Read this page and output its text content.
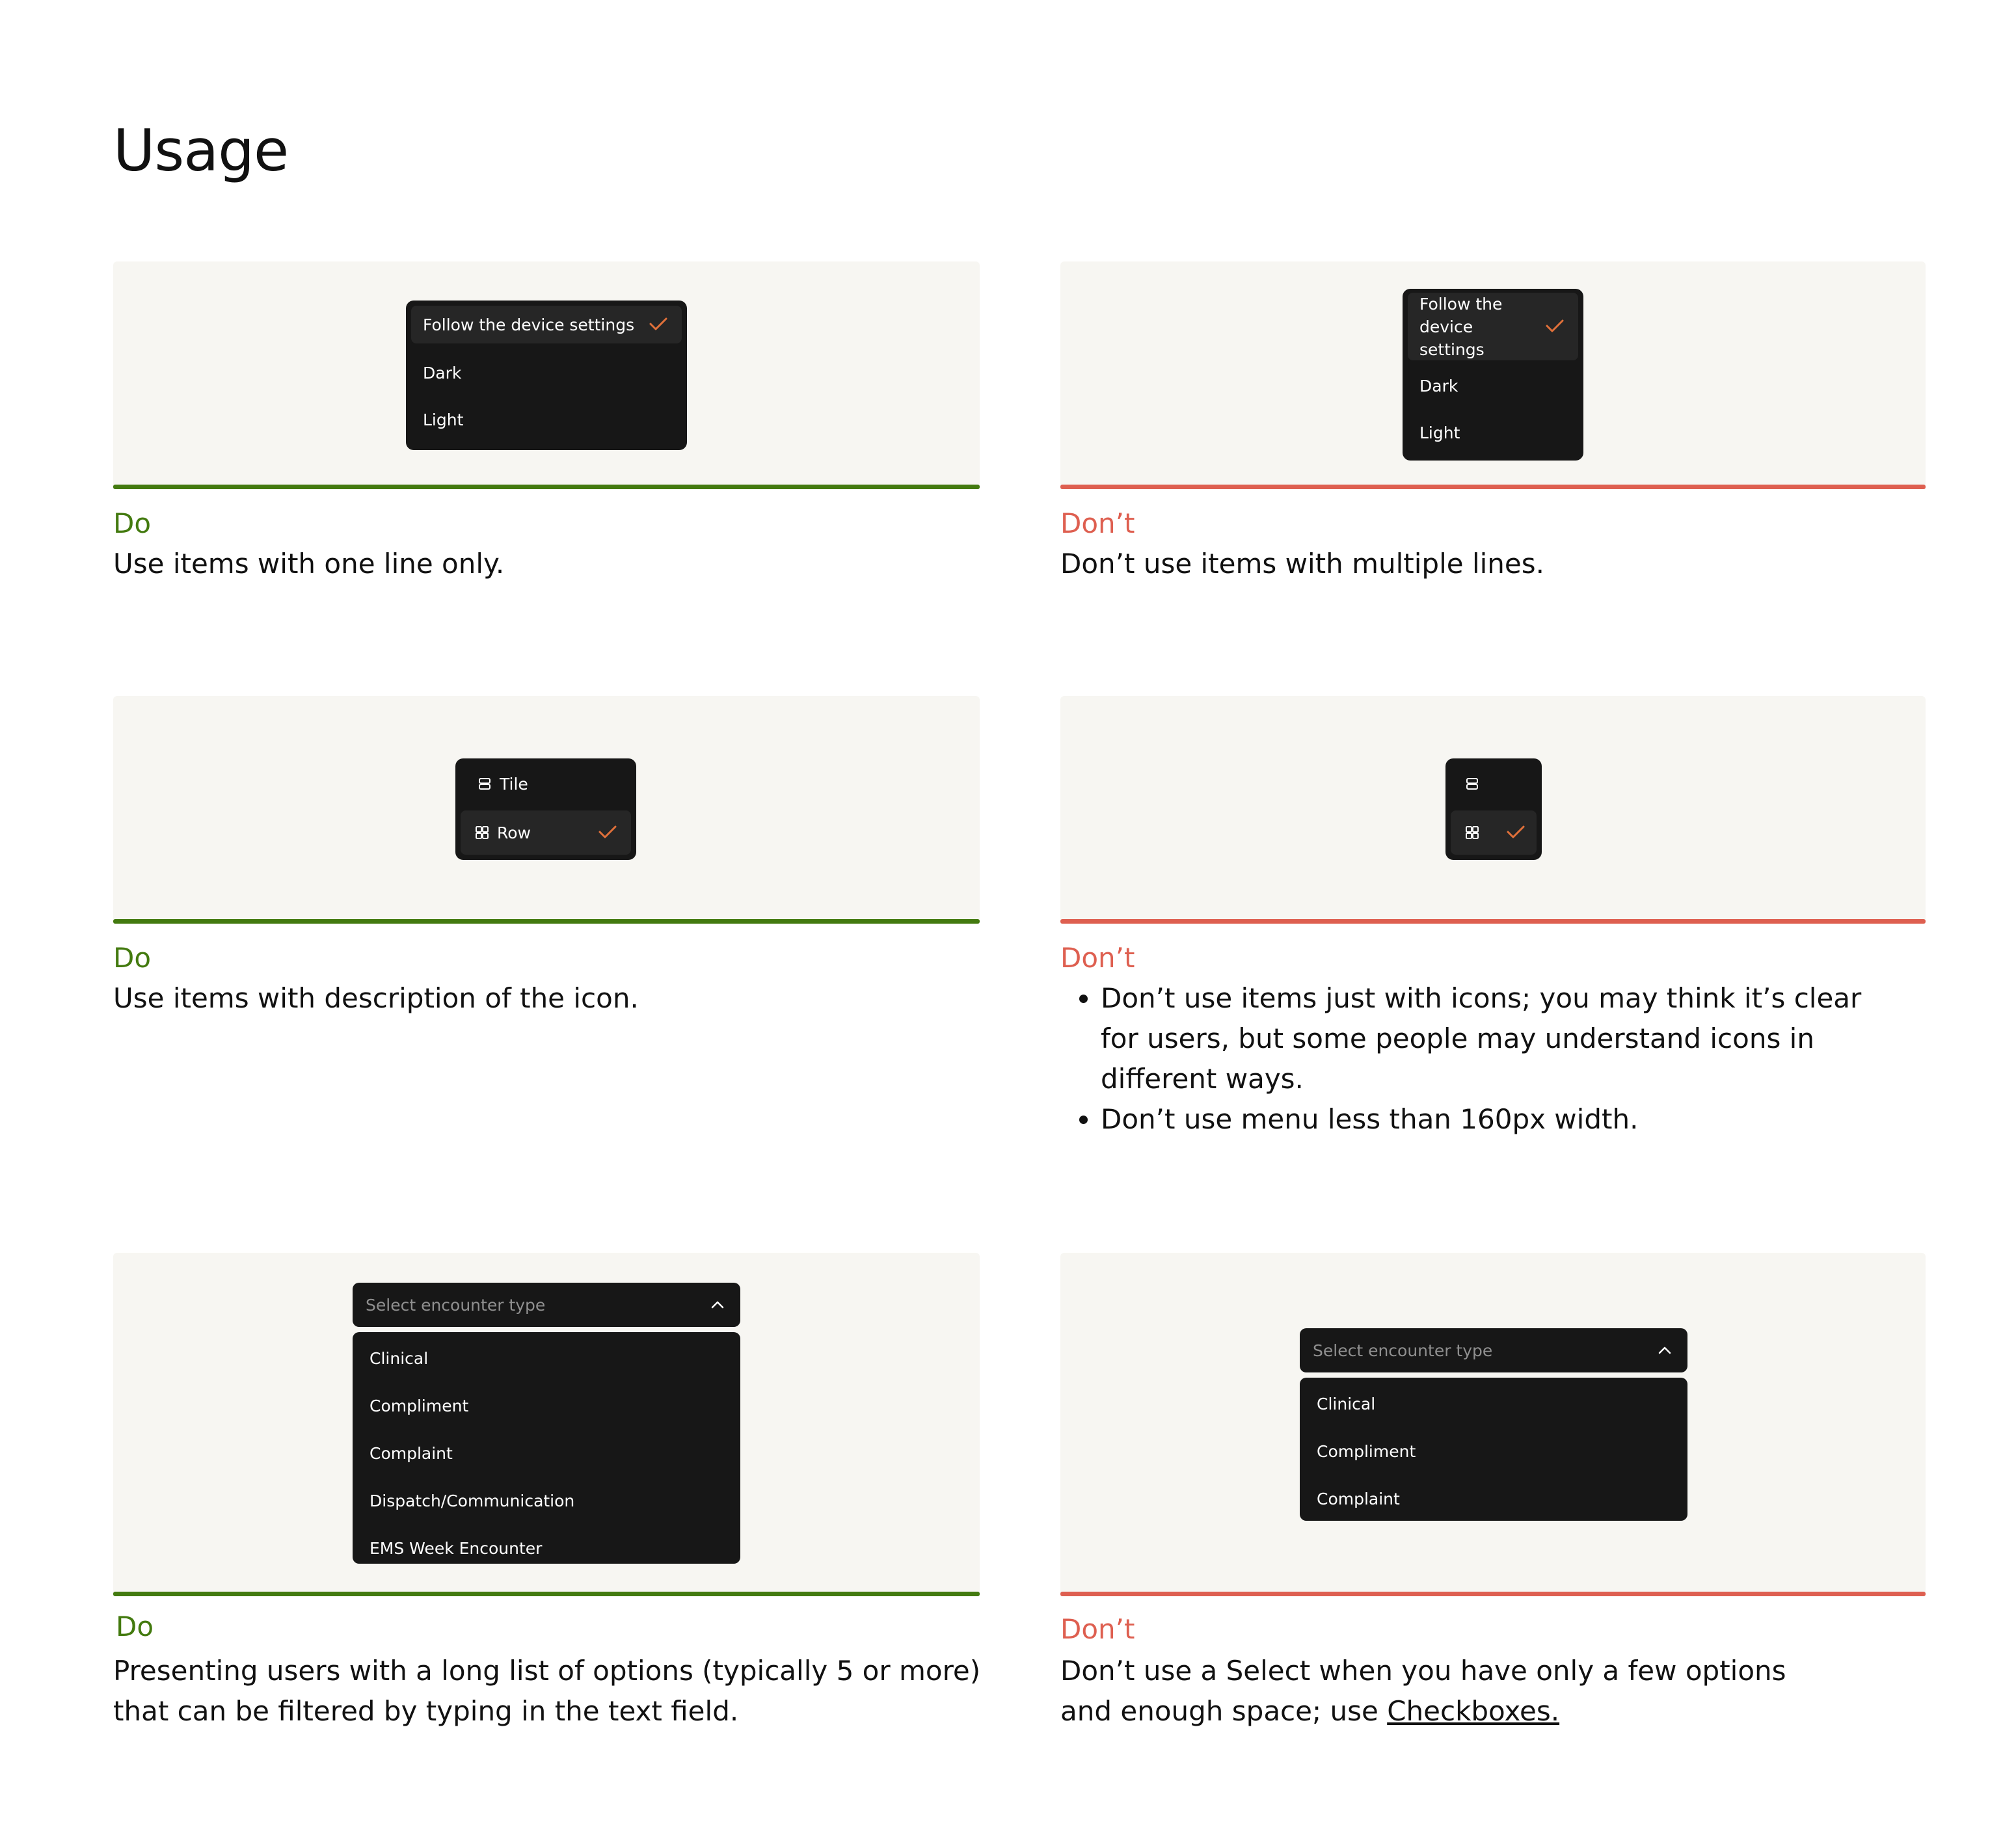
Usage
Follow the device settings
Dark
Light
Do
Use items with one line only.
Follow the
device
settings
Dark
Light
Don’t
Don’t use items with multiple lines.
Tile
Row
Do
Use items with description of the icon.
Don’t
• Don’t use items just with icons; you may think it’s clear for users, but some people may understand icons in different ways.
• Don’t use menu less than 160px width.
Select encounter type
Clinical
Compliment
Complaint
Dispatch/Communication
EMS Week Encounter
Do
Presenting users with a long list of options (typically 5 or more) that can be filtered by typing in the text field.
Select encounter type
Clinical
Compliment
Complaint
Don’t
Don’t use a Select when you have only a few options and enough space; use Checkboxes.
